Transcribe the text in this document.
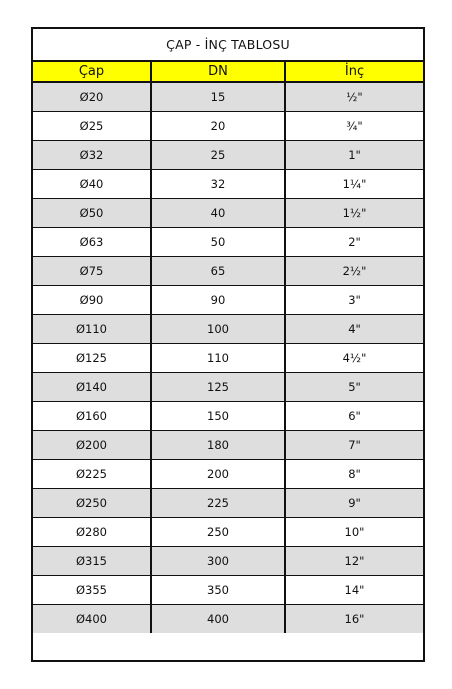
ÇAP - İNÇ TABLOSU
Çap	DN	İnç
Ø20	15	½"
Ø25	20	¾"
Ø32	25	1"
Ø40	32	1¼"
Ø50	40	1½"
Ø63	50	2"
Ø75	65	2½"
Ø90	90	3"
Ø110	100	4"
Ø125	110	4½"
Ø140	125	5"
Ø160	150	6"
Ø200	180	7"
Ø225	200	8"
Ø250	225	9"
Ø280	250	10"
Ø315	300	12"
Ø355	350	14"
Ø400	400	16"
